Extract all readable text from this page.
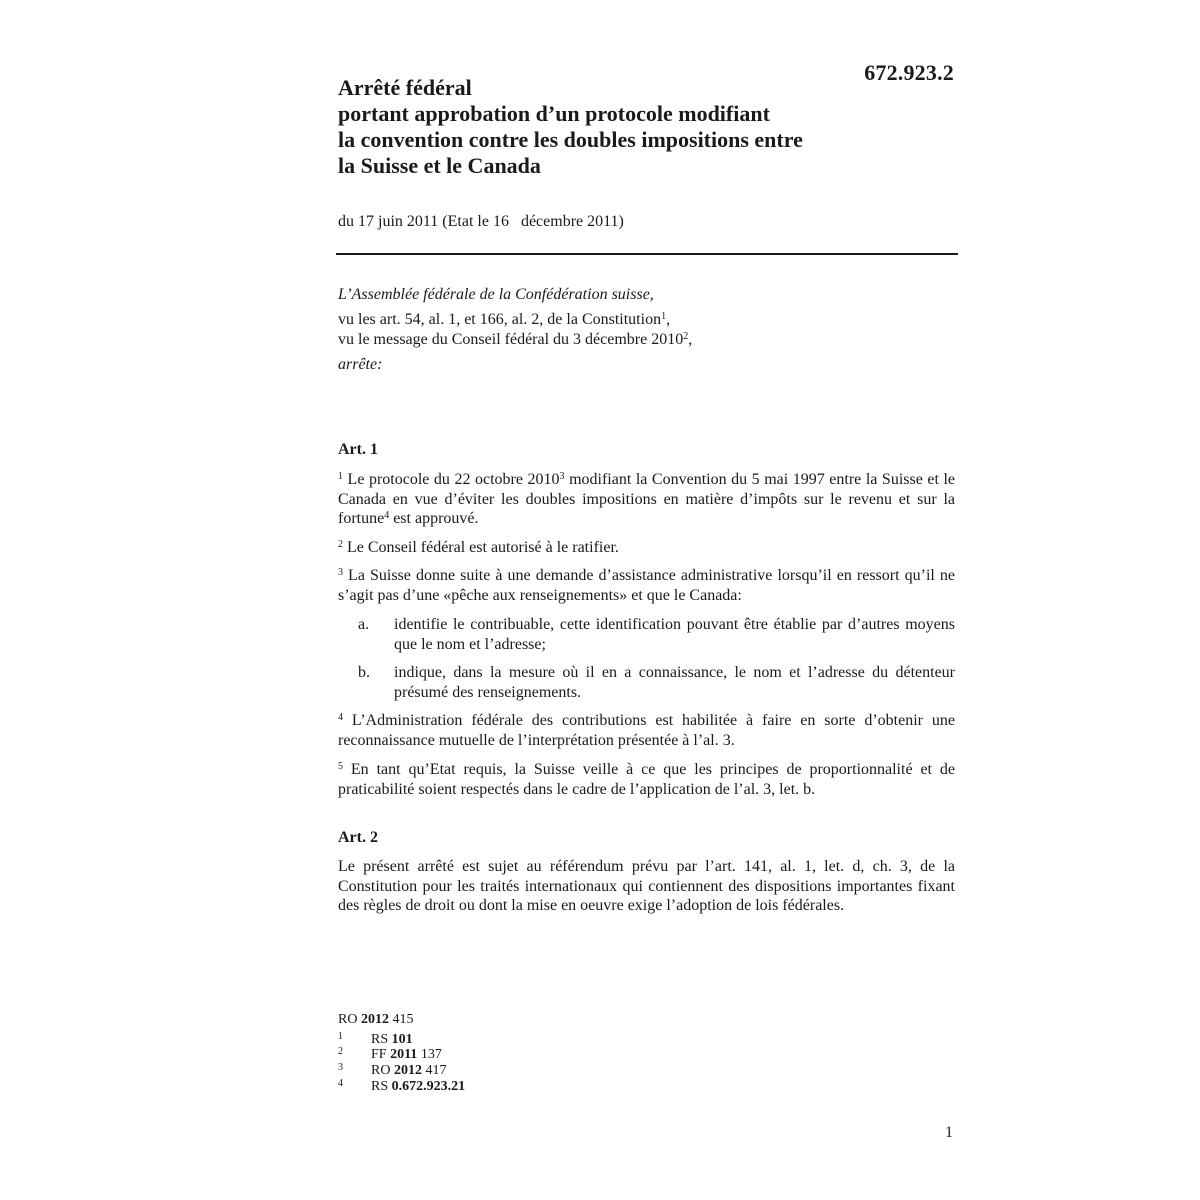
672.923.2
Arrêté fédéral
portant approbation d’un protocole modifiant
la convention contre les doubles impositions entre
la Suisse et le Canada
du 17 juin 2011 (Etat le 16   décembre 2011)
L’Assemblée fédérale de la Confédération suisse,
vu les art. 54, al. 1, et 166, al. 2, de la Constitution$^1$,
vu le message du Conseil fédéral du 3 décembre 2010$^2$,
arrête:
Art. 1
$^1$ Le protocole du 22 octobre 2010$^3$ modifiant la Convention du 5 mai 1997 entre la Suisse et le Canada en vue d’éviter les doubles impositions en matière d’impôts sur le revenu et sur la fortune$^4$ est approuvé.
$^2$ Le Conseil fédéral est autorisé à le ratifier.
$^3$ La Suisse donne suite à une demande d’assistance administrative lorsqu’il en ressort qu’il ne s’agit pas d’une «pêche aux renseignements» et que le Canada:
a. identifie le contribuable, cette identification pouvant être établie par d’autres moyens que le nom et l’adresse;
b. indique, dans la mesure où il en a connaissance, le nom et l’adresse du détenteur présumé des renseignements.
$^4$ L’Administration fédérale des contributions est habilitée à faire en sorte d’obtenir une reconnaissance mutuelle de l’interprétation présentée à l’al. 3.
$^5$ En tant qu’Etat requis, la Suisse veille à ce que les principes de proportionnalité et de praticabilité soient respectés dans le cadre de l’application de l’al. 3, let. b.
Art. 2
Le présent arrêté est sujet au référendum prévu par l’art. 141, al. 1, let. d, ch. 3, de la Constitution pour les traités internationaux qui contiennent des dispositions importantes fixant des règles de droit ou dont la mise en oeuvre exige l’adoption de lois fédérales.
RO 2012 415
1 RS 101
2 FF 2011 137
3 RO 2012 417
4 RS 0.672.923.21
1
